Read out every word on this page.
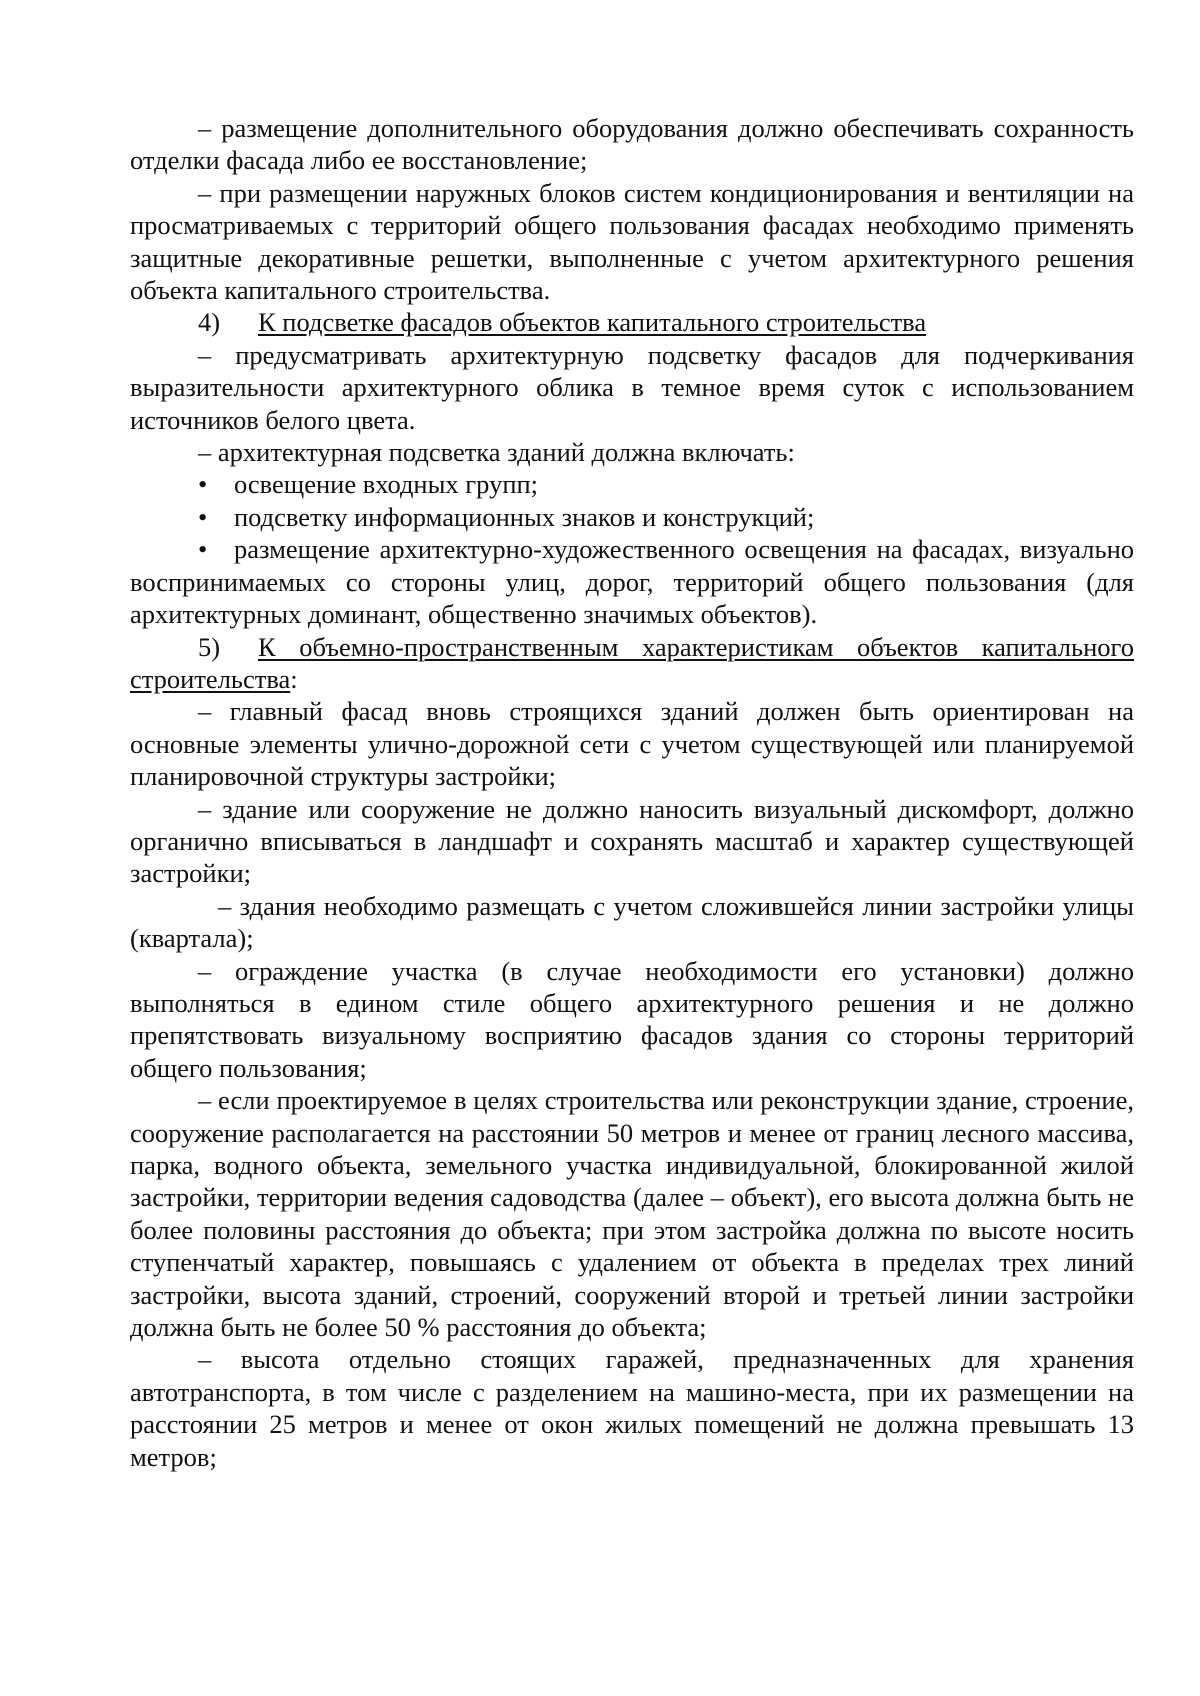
– размещение дополнительного оборудования должно обеспечивать сохранность отделки фасада либо ее восстановление;

– при размещении наружных блоков систем кондиционирования и вентиляции на просматриваемых с территорий общего пользования фасадах необходимо применять защитные декоративные решетки, выполненные с учетом архитектурного решения объекта капитального строительства.

4) К подсветке фасадов объектов капитального строительства

– предусматривать архитектурную подсветку фасадов для подчеркивания выразительности архитектурного облика в темное время суток с использованием источников белого цвета.

– архитектурная подсветка зданий должна включать:

• освещение входных групп;

• подсветку информационных знаков и конструкций;

• размещение архитектурно-художественного освещения на фасадах, визуально воспринимаемых со стороны улиц, дорог, территорий общего пользования (для архитектурных доминант, общественно значимых объектов).

5) К объемно-пространственным характеристикам объектов капитального строительства:

– главный фасад вновь строящихся зданий должен быть ориентирован на основные элементы улично-дорожной сети с учетом существующей или планируемой планировочной структуры застройки;

– здание или сооружение не должно наносить визуальный дискомфорт, должно органично вписываться в ландшафт и сохранять масштаб и характер существующей застройки;

– здания необходимо размещать с учетом сложившейся линии застройки улицы (квартала);

– ограждение участка (в случае необходимости его установки) должно выполняться в едином стиле общего архитектурного решения и не должно препятствовать визуальному восприятию фасадов здания со стороны территорий общего пользования;

– если проектируемое в целях строительства или реконструкции здание, строение, сооружение располагается на расстоянии 50 метров и менее от границ лесного массива, парка, водного объекта, земельного участка индивидуальной, блокированной жилой застройки, территории ведения садоводства (далее – объект), его высота должна быть не более половины расстояния до объекта; при этом застройка должна по высоте носить ступенчатый характер, повышаясь с удалением от объекта в пределах трех линий застройки, высота зданий, строений, сооружений второй и третьей линии застройки должна быть не более 50 % расстояния до объекта;

– высота отдельно стоящих гаражей, предназначенных для хранения автотранспорта, в том числе с разделением на машино-места, при их размещении на расстоянии 25 метров и менее от окон жилых помещений не должна превышать 13 метров;
